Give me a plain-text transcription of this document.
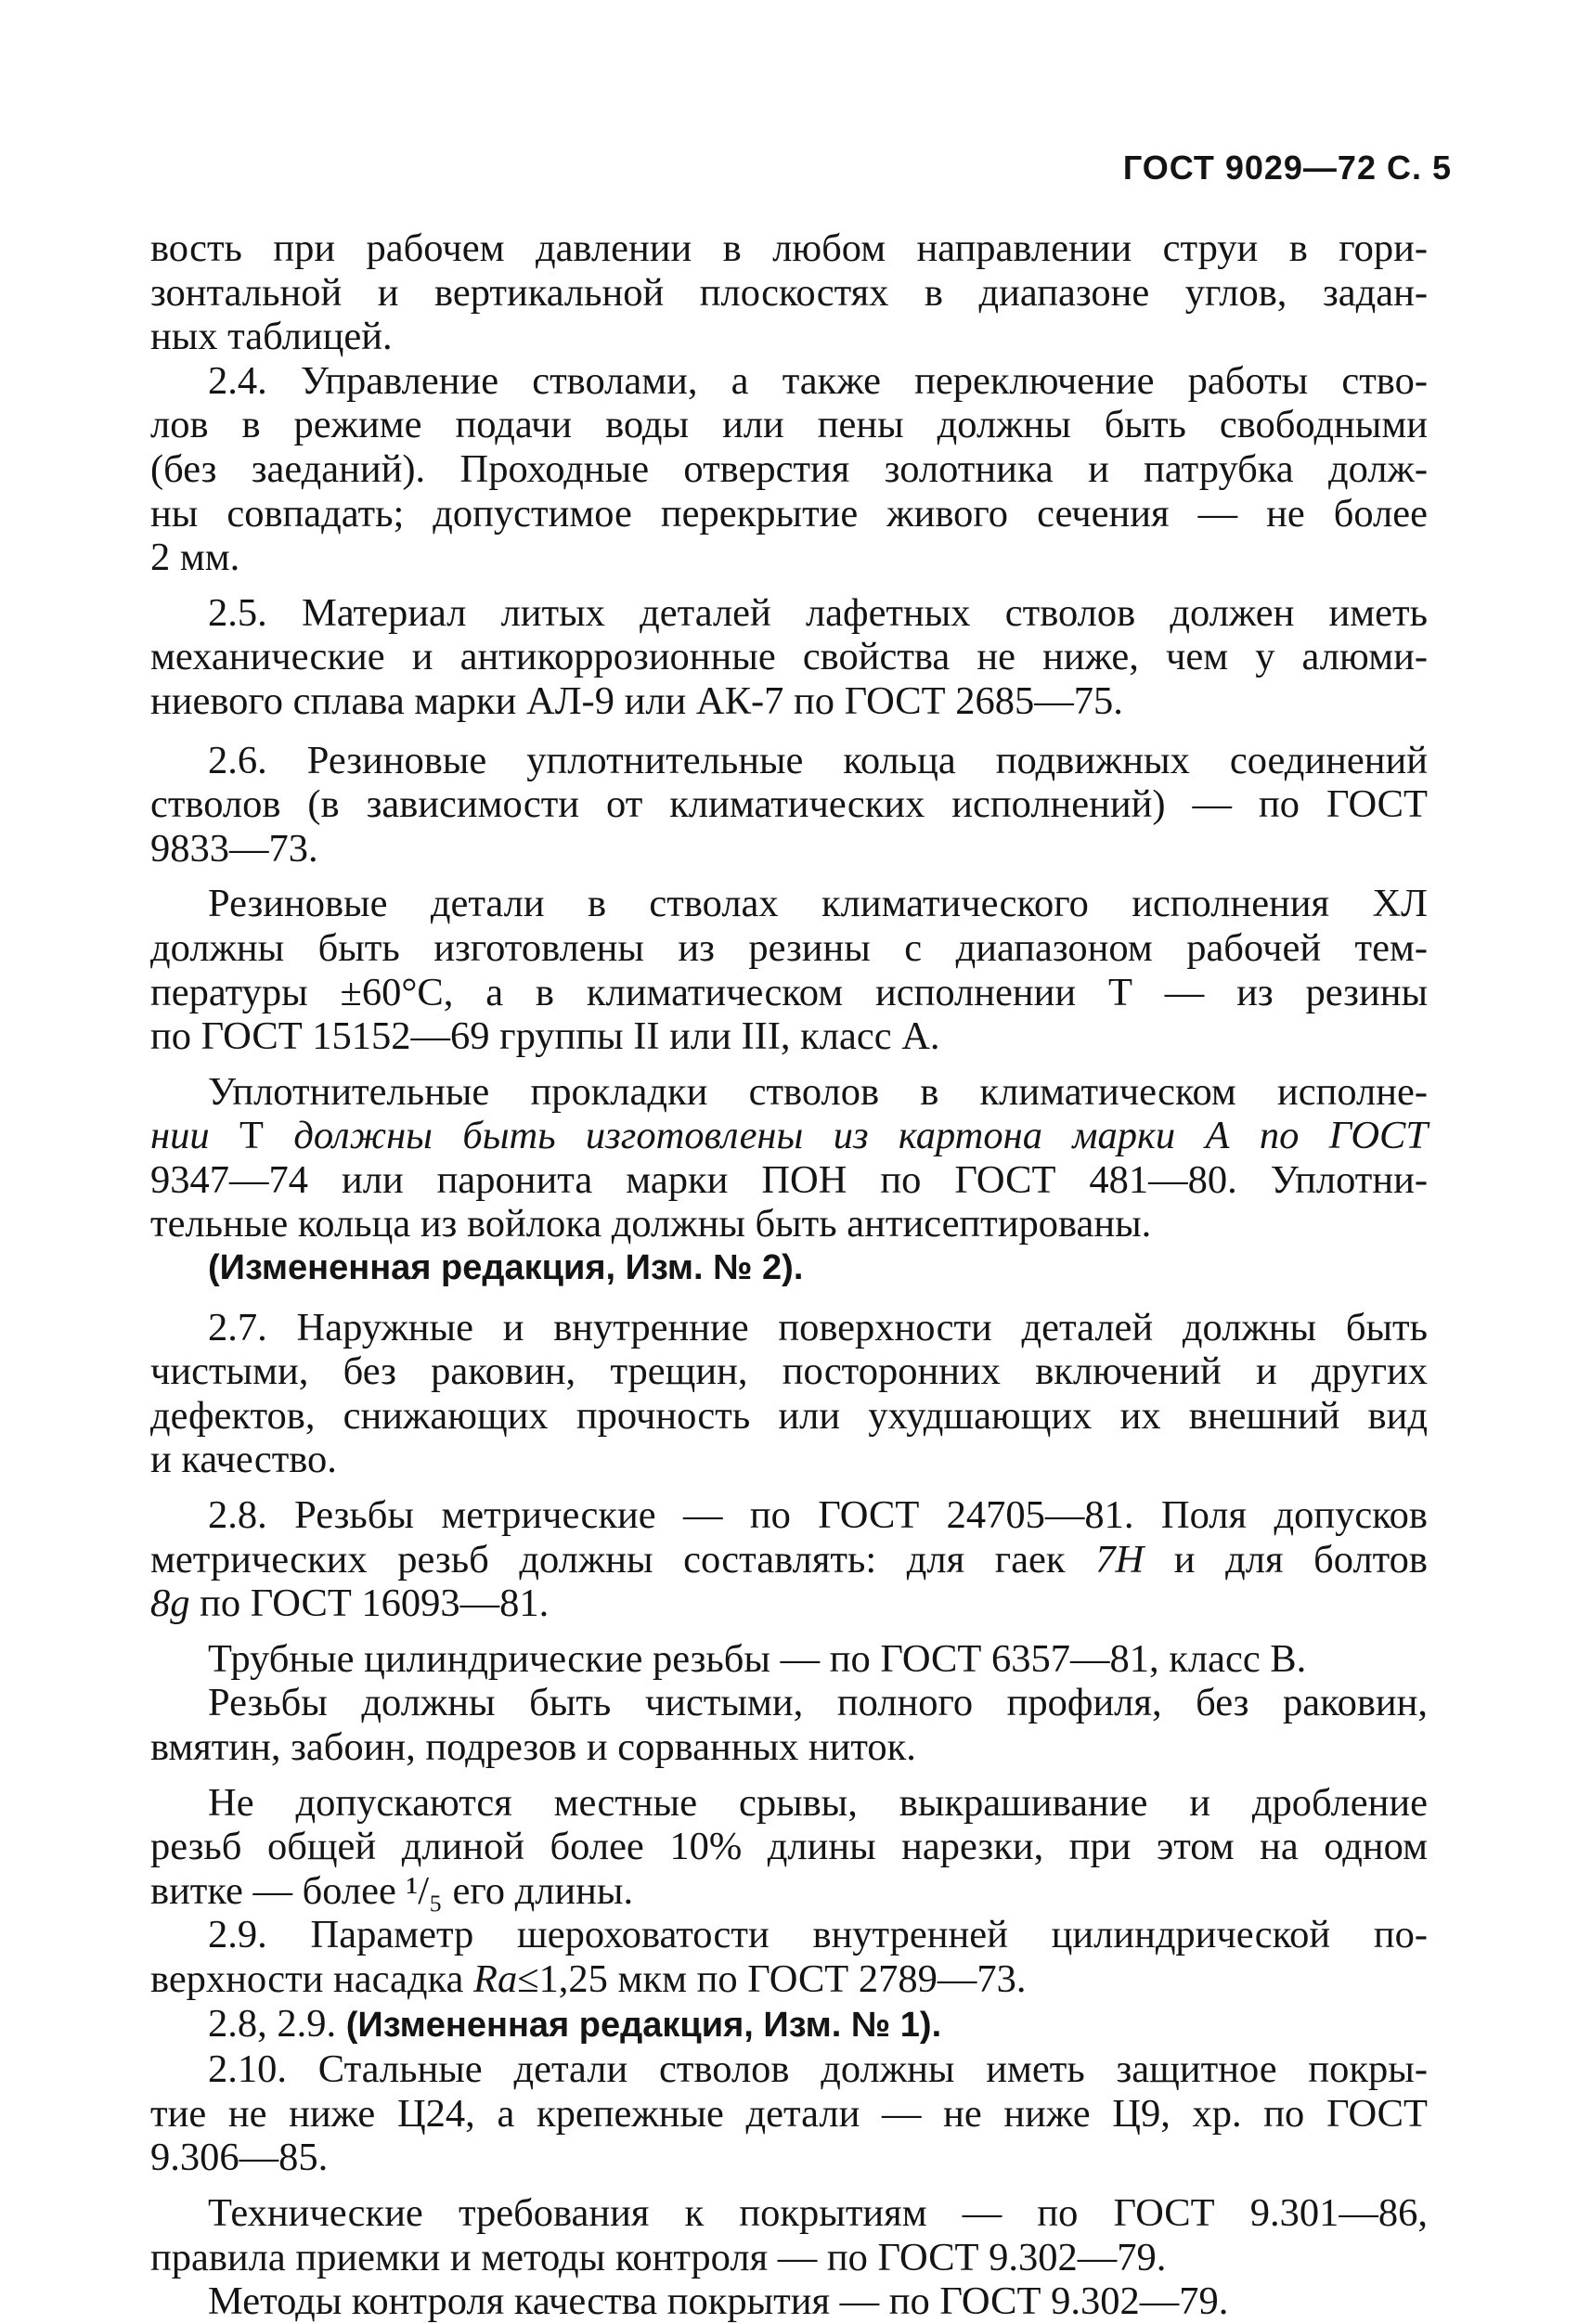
ГОСТ 9029—72 С. 5
вость при рабочем давлении в любом направлении струи в гори-
зонтальной и вертикальной плоскостях в диапазоне углов, задан-
ных таблицей.
2.4. Управление стволами, а также переключение работы ство-
лов в режиме подачи воды или пены должны быть свободными
(без заеданий). Проходные отверстия золотника и патрубка долж-
ны совпадать; допустимое перекрытие живого сечения — не более
2 мм.
2.5. Материал литых деталей лафетных стволов должен иметь
механические и антикоррозионные свойства не ниже, чем у алюми-
ниевого сплава марки АЛ-9 или АК-7 по ГОСТ 2685—75.
2.6. Резиновые уплотнительные кольца подвижных соединений
стволов (в зависимости от климатических исполнений) — по ГОСТ
9833—73.
Резиновые детали в стволах климатического исполнения ХЛ
должны быть изготовлены из резины с диапазоном рабочей тем-
пературы ±60°С, а в климатическом исполнении Т — из резины
по ГОСТ 15152—69 группы II или III, класс А.
Уплотнительные прокладки стволов в климатическом исполне-
нии Т должны быть изготовлены из картона марки А по ГОСТ
9347—74 или паронита марки ПОН по ГОСТ 481—80. Уплотни-
тельные кольца из войлока должны быть антисептированы.
(Измененная редакция, Изм. № 2).
2.7. Наружные и внутренние поверхности деталей должны быть
чистыми, без раковин, трещин, посторонних включений и других
дефектов, снижающих прочность или ухудшающих их внешний вид
и качество.
2.8. Резьбы метрические — по ГОСТ 24705—81. Поля допусков
метрических резьб должны составлять: для гаек 7H и для болтов
8g по ГОСТ 16093—81.
Трубные цилиндрические резьбы — по ГОСТ 6357—81, класс В.
Резьбы должны быть чистыми, полного профиля, без раковин,
вмятин, забоин, подрезов и сорванных ниток.
Не допускаются местные срывы, выкрашивание и дробление
резьб общей длиной более 10% длины нарезки, при этом на одном
витке — более ¹/₅ его длины.
2.9. Параметр шероховатости внутренней цилиндрической по-
верхности насадка Ra≤1,25 мкм по ГОСТ 2789—73.
2.8, 2.9. (Измененная редакция, Изм. № 1).
2.10. Стальные детали стволов должны иметь защитное покры-
тие не ниже Ц24, а крепежные детали — не ниже Ц9, хр. по ГОСТ
9.306—85.
Технические требования к покрытиям — по ГОСТ 9.301—86,
правила приемки и методы контроля — по ГОСТ 9.302—79.
Методы контроля качества покрытия — по ГОСТ 9.302—79.
